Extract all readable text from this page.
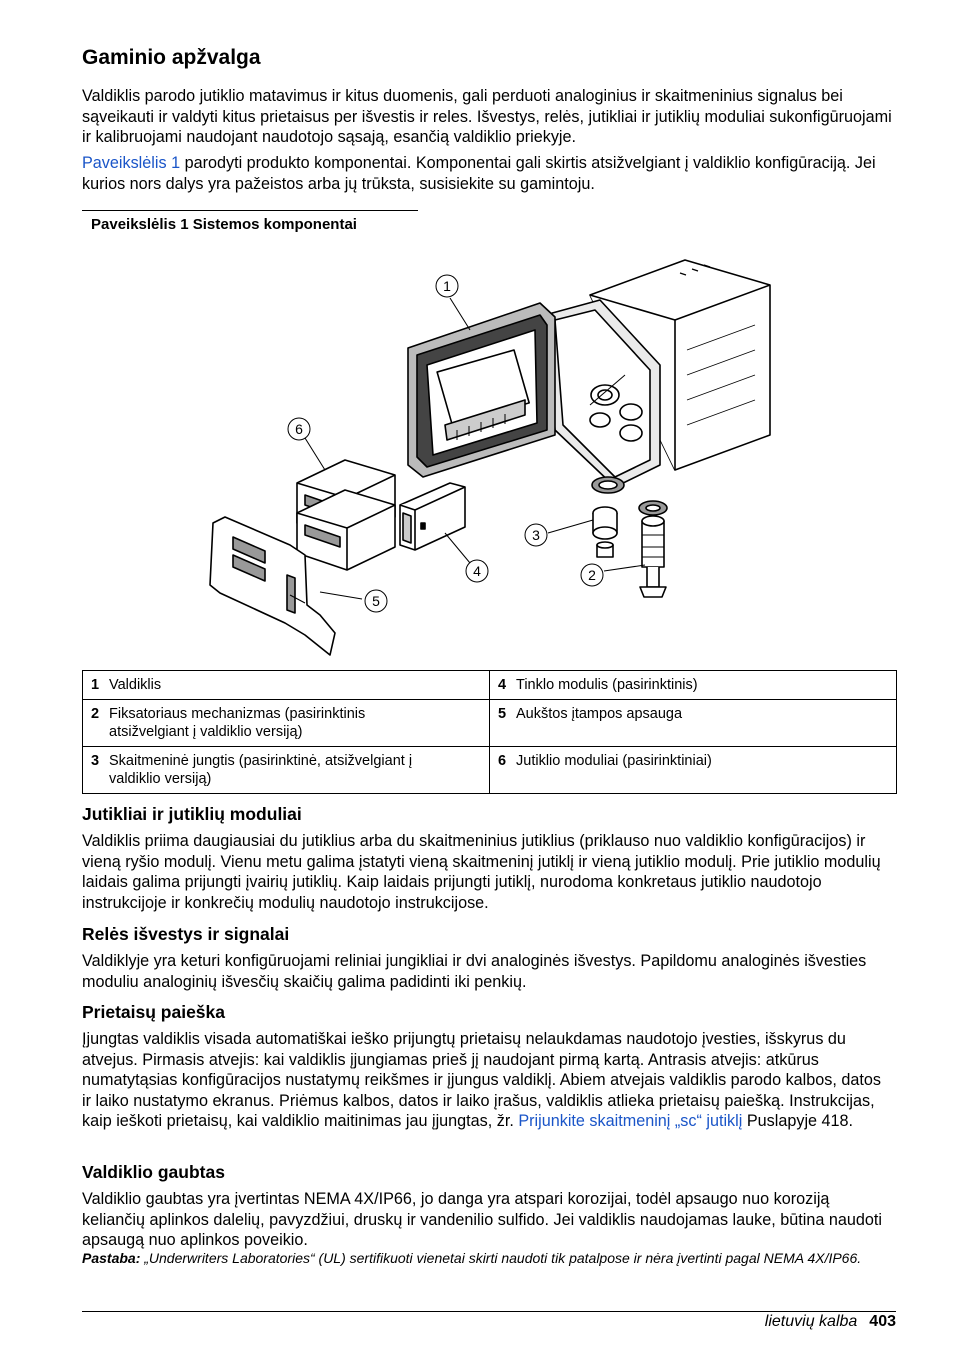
Gaminio apžvalga

Valdiklis parodo jutiklio matavimus ir kitus duomenis, gali perduoti analoginius ir skaitmeninius signalus bei sąveikauti ir valdyti kitus prietaisus per išvestis ir reles. Išvestys, relės, jutikliai ir jutiklių moduliai sukonfigūruojami ir kalibruojami naudojant naudotojo sąsają, esančią valdiklio priekyje.

Paveikslėlis 1 parodyti produkto komponentai. Komponentai gali skirtis atsižvelgiant į valdiklio konfigūraciją. Jei kurios nors dalys yra pažeistos arba jų trūksta, susisiekite su gamintoju.

Paveikslėlis 1 Sistemos komponentai
1
2
3
4
5
6
1 Valdiklis	4 Tinklo modulis (pasirinktinis)
2 Fiksatoriaus mechanizmas (pasirinktinis atsižvelgiant į valdiklio versiją)	5 Aukštos įtampos apsauga
3 Skaitmeninė jungtis (pasirinktinė, atsižvelgiant į valdiklio versiją)	6 Jutiklio moduliai (pasirinktiniai)
Jutikliai ir jutiklių moduliai

Valdiklis priima daugiausiai du jutiklius arba du skaitmeninius jutiklius (priklauso nuo valdiklio konfigūracijos) ir vieną ryšio modulį. Vienu metu galima įstatyti vieną skaitmeninį jutiklį ir vieną jutiklio modulį. Prie jutiklio modulių laidais galima prijungti įvairių jutiklių. Kaip laidais prijungti jutiklį, nurodoma konkretaus jutiklio naudotojo instrukcijoje ir konkrečių modulių naudotojo instrukcijose.

Relės išvestys ir signalai

Valdiklyje yra keturi konfigūruojami reliniai jungikliai ir dvi analoginės išvestys. Papildomu analoginės išvesties moduliu analoginių išvesčių skaičių galima padidinti iki penkių.

Prietaisų paieška

Įjungtas valdiklis visada automatiškai ieško prijungtų prietaisų nelaukdamas naudotojo įvesties, išskyrus du atvejus. Pirmasis atvejis: kai valdiklis įjungiamas prieš jį naudojant pirmą kartą. Antrasis atvejis: atkūrus numatytąsias konfigūracijos nustatymų reikšmes ir įjungus valdiklį. Abiem atvejais valdiklis parodo kalbos, datos ir laiko nustatymo ekranus. Priėmus kalbos, datos ir laiko įrašus, valdiklis atlieka prietaisų paiešką. Instrukcijas, kaip ieškoti prietaisų, kai valdiklio maitinimas jau įjungtas, žr. Prijunkite skaitmeninį „sc“ jutiklį Puslapyje 418.

Valdiklio gaubtas

Valdiklio gaubtas yra įvertintas NEMA 4X/IP66, jo danga yra atspari korozijai, todėl apsaugo nuo koroziją keliančių aplinkos dalelių, pavyzdžiui, druskų ir vandenilio sulfido. Jei valdiklis naudojamas lauke, būtina naudoti apsaugą nuo aplinkos poveikio.

Pastaba: „Underwriters Laboratories“ (UL) sertifikuoti vienetai skirti naudoti tik patalpose ir nėra įvertinti pagal NEMA 4X/IP66.

lietuvių kalba 403
